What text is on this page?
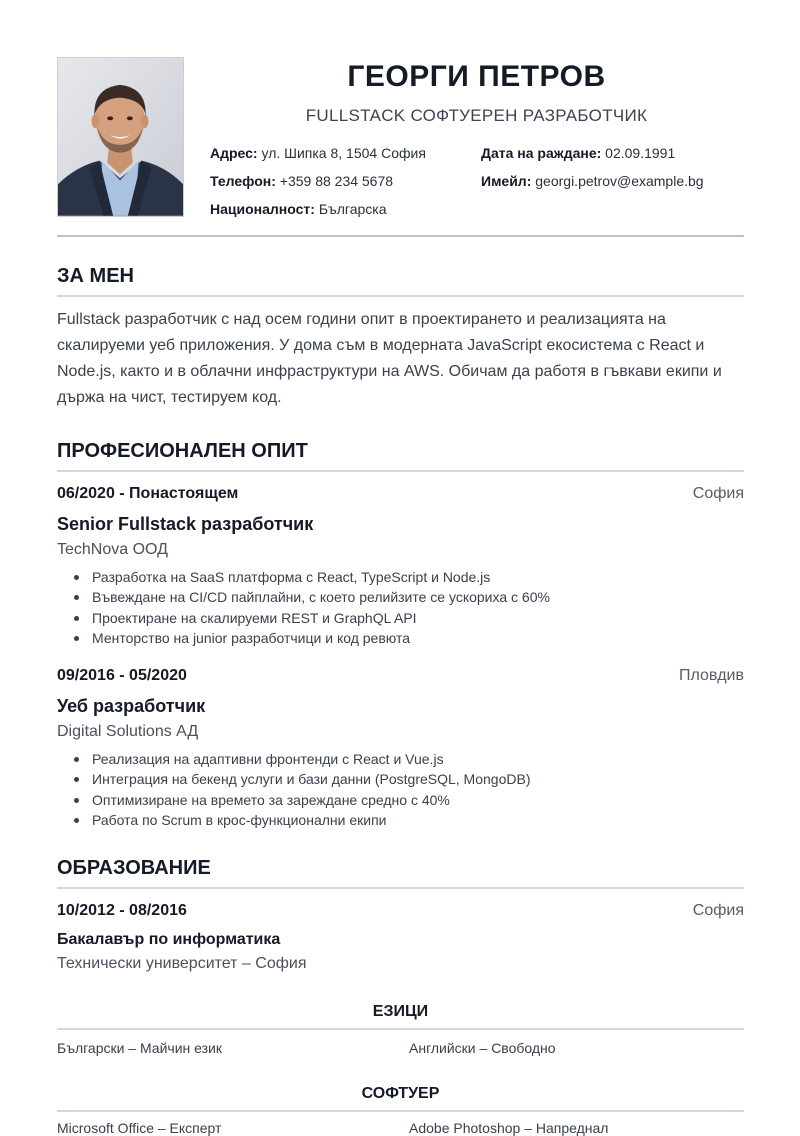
ГЕОРГИ ПЕТРОВ
FULLSTACK СОФТУЕРЕН РАЗРАБОТЧИК
Адрес: ул. Шипка 8, 1504 София	Дата на раждане: 02.09.1991
Телефон: +359 88 234 5678	Имейл: georgi.petrov@example.bg
Националност: Българска
ЗА МЕН
Fullstack разработчик с над осем години опит в проектирането и реализацията на скалируеми уеб приложения. У дома съм в модерната JavaScript екосистема с React и Node.js, както и в облачни инфраструктури на AWS. Обичам да работя в гъвкави екипи и държа на чист, тестируем код.
ПРОФЕСИОНАЛЕН ОПИТ
06/2020 - Понастоящем	София
Senior Fullstack разработчик
TechNova ООД
Разработка на SaaS платформа с React, TypeScript и Node.js
Въвеждане на CI/CD пайплайни, с което релийзите се ускориха с 60%
Проектиране на скалируеми REST и GraphQL API
Менторство на junior разработчици и код ревюта
09/2016 - 05/2020	Пловдив
Уеб разработчик
Digital Solutions АД
Реализация на адаптивни фронтенди с React и Vue.js
Интеграция на бекенд услуги и бази данни (PostgreSQL, MongoDB)
Оптимизиране на времето за зареждане средно с 40%
Работа по Scrum в крос-функционални екипи
ОБРАЗОВАНИЕ
10/2012 - 08/2016	София
Бакалавър по информатика
Технически университет – София
ЕЗИЦИ
Български – Майчин език	Английски – Свободно
СОФТУЕР
Microsoft Office – Експерт	Adobe Photoshop – Напреднал
